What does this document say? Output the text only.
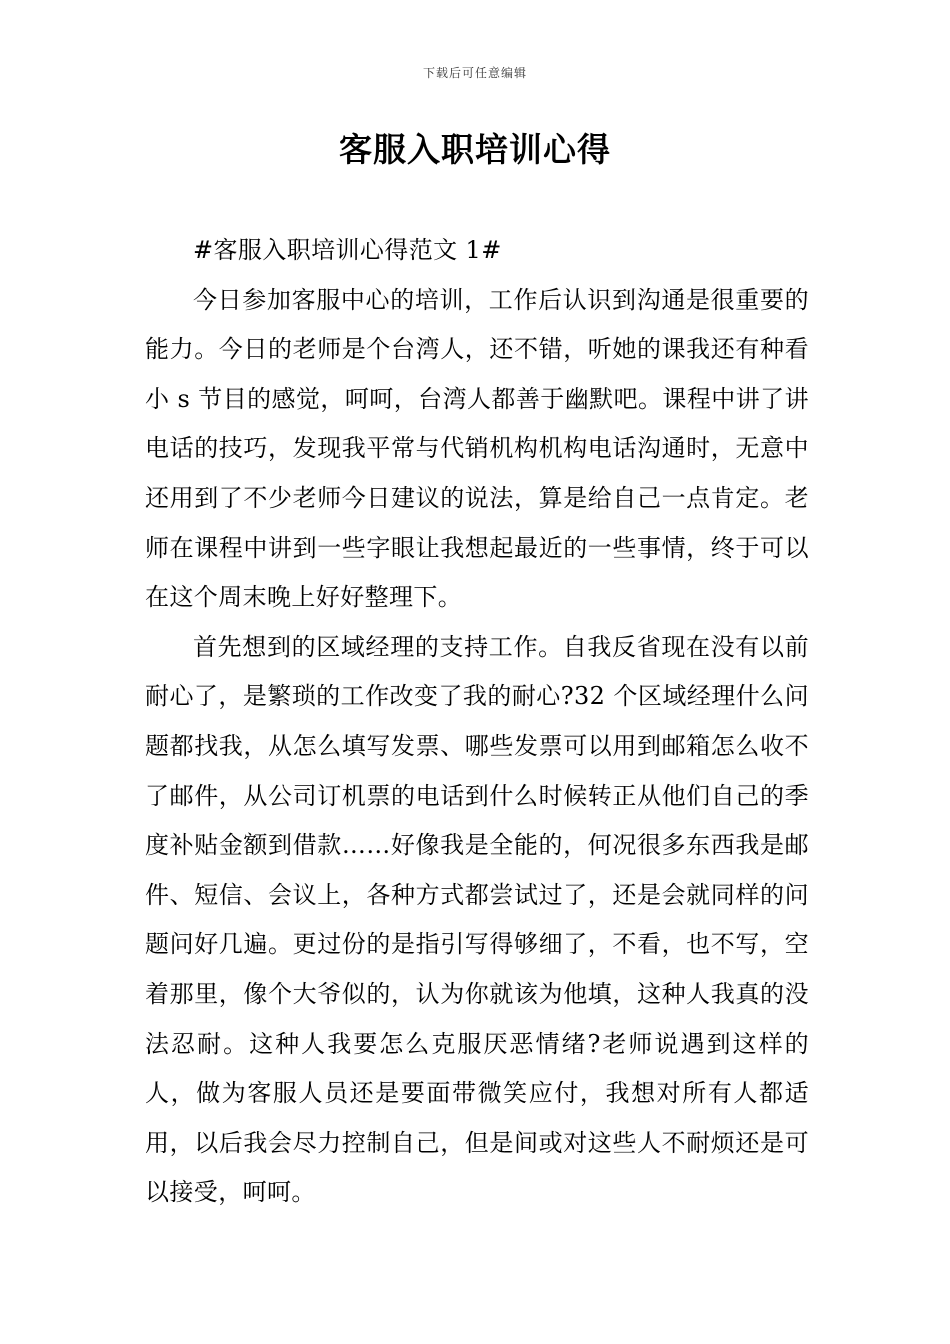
下载后可任意编辑
客服入职培训心得

#客服入职培训心得范文 1#

今日参加客服中心的培训，工作后认识到沟通是很重要的能力。今日的老师是个台湾人，还不错，听她的课我还有种看小 s 节目的感觉，呵呵，台湾人都善于幽默吧。课程中讲了讲电话的技巧，发现我平常与代销机构机构电话沟通时，无意中还用到了不少老师今日建议的说法，算是给自己一点肯定。老师在课程中讲到一些字眼让我想起最近的一些事情，终于可以在这个周末晚上好好整理下。

首先想到的区域经理的支持工作。自我反省现在没有以前耐心了，是繁琐的工作改变了我的耐心?32 个区域经理什么问题都找我，从怎么填写发票、哪些发票可以用到邮箱怎么收不了邮件，从公司订机票的电话到什么时候转正从他们自己的季度补贴金额到借款……好像我是全能的，何况很多东西我是邮件、短信、会议上，各种方式都尝试过了，还是会就同样的问题问好几遍。更过份的是指引写得够细了，不看，也不写，空着那里，像个大爷似的，认为你就该为他填，这种人我真的没法忍耐。这种人我要怎么克服厌恶情绪?老师说遇到这样的人，做为客服人员还是要面带微笑应付，我想对所有人都适用，以后我会尽力控制自己，但是间或对这些人不耐烦还是可以接受，呵呵。
